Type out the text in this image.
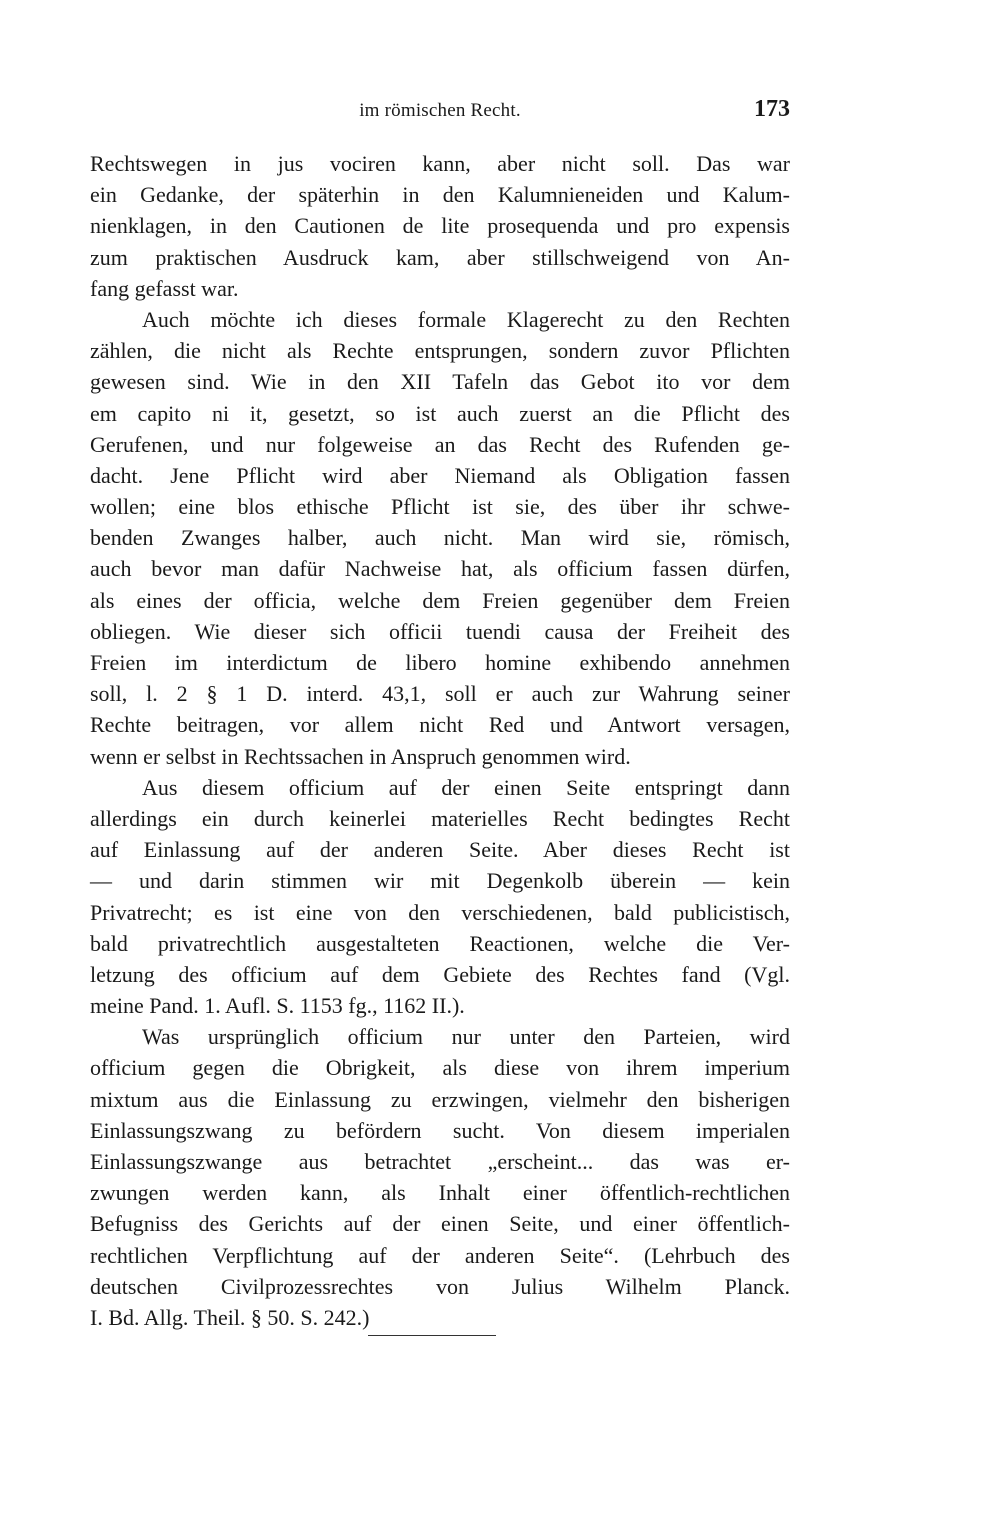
im römischen Recht.	173
Rechtswegen in jus vociren kann, aber nicht soll. Das war
ein Gedanke, der späterhin in den Kalumnieneiden und Kalum-
nienklagen, in den Cautionen de lite prosequenda und pro expensis
zum praktischen Ausdruck kam, aber stillschweigend von An-
fang gefasst war.
Auch möchte ich dieses formale Klagerecht zu den Rechten
zählen, die nicht als Rechte entsprungen, sondern zuvor Pflichten
gewesen sind. Wie in den XII Tafeln das Gebot ito vor dem
em capito ni it, gesetzt, so ist auch zuerst an die Pflicht des
Gerufenen, und nur folgeweise an das Recht des Rufenden ge-
dacht. Jene Pflicht wird aber Niemand als Obligation fassen
wollen; eine blos ethische Pflicht ist sie, des über ihr schwe-
benden Zwanges halber, auch nicht. Man wird sie, römisch,
auch bevor man dafür Nachweise hat, als officium fassen dürfen,
als eines der officia, welche dem Freien gegenüber dem Freien
obliegen. Wie dieser sich officii tuendi causa der Freiheit des
Freien im interdictum de libero homine exhibendo annehmen
soll, l. 2 § 1 D. interd. 43,1, soll er auch zur Wahrung seiner
Rechte beitragen, vor allem nicht Red und Antwort versagen,
wenn er selbst in Rechtssachen in Anspruch genommen wird.
Aus diesem officium auf der einen Seite entspringt dann
allerdings ein durch keinerlei materielles Recht bedingtes Recht
auf Einlassung auf der anderen Seite. Aber dieses Recht ist
— und darin stimmen wir mit Degenkolb überein — kein
Privatrecht; es ist eine von den verschiedenen, bald publicistisch,
bald privatrechtlich ausgestalteten Reactionen, welche die Ver-
letzung des officium auf dem Gebiete des Rechtes fand (Vgl.
meine Pand. 1. Aufl. S. 1153 fg., 1162 II.).
Was ursprünglich officium nur unter den Parteien, wird
officium gegen die Obrigkeit, als diese von ihrem imperium
mixtum aus die Einlassung zu erzwingen, vielmehr den bisherigen
Einlassungszwang zu befördern sucht. Von diesem imperialen
Einlassungszwange aus betrachtet „erscheint... das was er-
zwungen werden kann, als Inhalt einer öffentlich-rechtlichen
Befugniss des Gerichts auf der einen Seite, und einer öffentlich-
rechtlichen Verpflichtung auf der anderen Seite“. (Lehrbuch des
deutschen Civilprozessrechtes von Julius Wilhelm Planck.
I. Bd. Allg. Theil. § 50. S. 242.)
